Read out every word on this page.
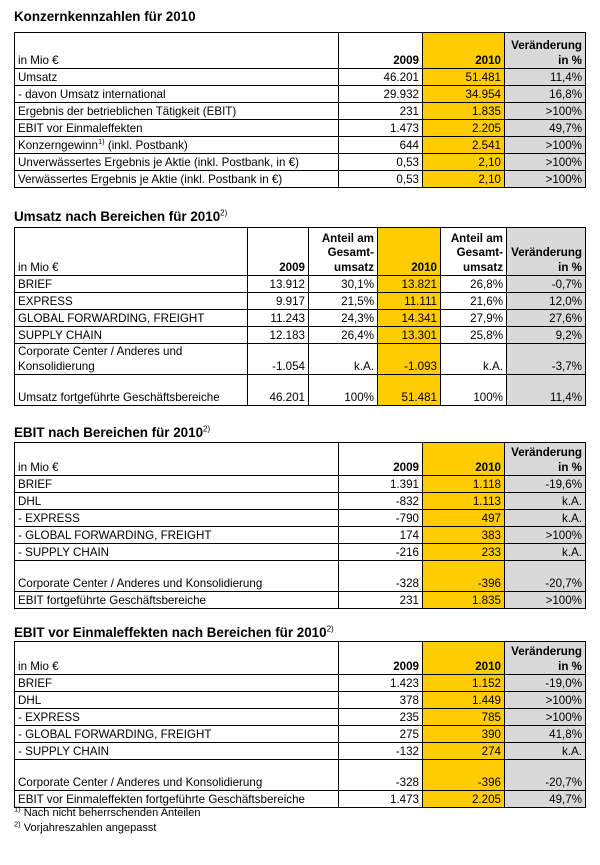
Konzernkennzahlen für 2010
in Mio €	2009	2010	Veränderung in %
Umsatz	46.201	51.481	11,4%
- davon Umsatz international	29.932	34.954	16,8%
Ergebnis der betrieblichen Tätigkeit (EBIT)	231	1.835	>100%
EBIT vor Einmaleffekten	1.473	2.205	49,7%
Konzerngewinn$^{1)}$ (inkl. Postbank)	644	2.541	>100%
Unverwässertes Ergebnis je Aktie (inkl. Postbank, in €)	0,53	2,10	>100%
Verwässertes Ergebnis je Aktie (inkl. Postbank in €)	0,53	2,10	>100%
Umsatz nach Bereichen für 2010$^{2)}$
in Mio €	2009	Anteil am Gesamt-umsatz	2010	Anteil am Gesamt-umsatz	Veränderung in %
BRIEF	13.912	30,1%	13.821	26,8%	-0,7%
EXPRESS	9.917	21,5%	11.111	21,6%	12,0%
GLOBAL FORWARDING, FREIGHT	11.243	24,3%	14.341	27,9%	27,6%
SUPPLY CHAIN	12.183	26,4%	13.301	25,8%	9,2%
Corporate Center / Anderes und Konsolidierung	-1.054	k.A.	-1.093	k.A.	-3,7%
Umsatz fortgeführte Geschäftsbereiche	46.201	100%	51.481	100%	11,4%
EBIT nach Bereichen für 2010$^{2)}$
in Mio €	2009	2010	Veränderung in %
BRIEF	1.391	1.118	-19,6%
DHL	-832	1.113	k.A.
- EXPRESS	-790	497	k.A.
- GLOBAL FORWARDING, FREIGHT	174	383	>100%
- SUPPLY CHAIN	-216	233	k.A.
Corporate Center / Anderes und Konsolidierung	-328	-396	-20,7%
EBIT fortgeführte Geschäftsbereiche	231	1.835	>100%
EBIT vor Einmaleffekten nach Bereichen für 2010$^{2)}$
in Mio €	2009	2010	Veränderung in %
BRIEF	1.423	1.152	-19,0%
DHL	378	1.449	>100%
- EXPRESS	235	785	>100%
- GLOBAL FORWARDING, FREIGHT	275	390	41,8%
- SUPPLY CHAIN	-132	274	k.A.
Corporate Center / Anderes und Konsolidierung	-328	-396	-20,7%
EBIT vor Einmaleffekten fortgeführte Geschäftsbereiche	1.473	2.205	49,7%
$^{1)}$ Nach nicht beherrschenden Anteilen
$^{2)}$ Vorjahreszahlen angepasst
